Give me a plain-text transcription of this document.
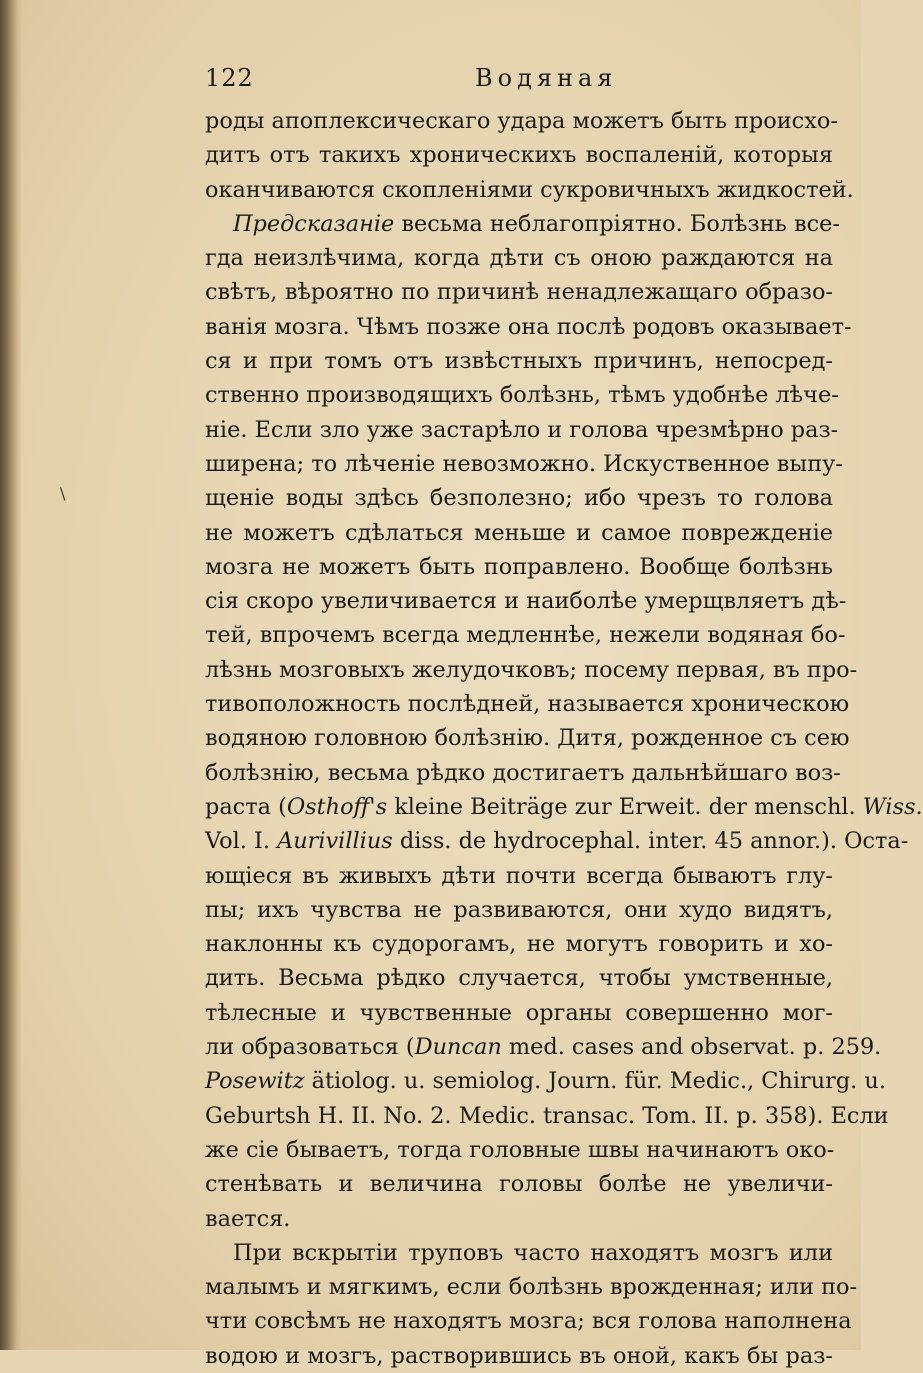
122	Водяная
роды апоплексическаго удара можетъ быть происхо-
дитъ отъ такихъ хроническихъ воспаленій, которыя
оканчиваются скопленіями сукровичныхъ жидкостей.
Предсказаніе весьма неблагопріятно. Болѣзнь все-
гда неизлѣчима, когда дѣти съ оною раждаются на
свѣтъ, вѣроятно по причинѣ ненадлежащаго образо-
ванія мозга. Чѣмъ позже она послѣ родовъ оказывает-
ся и при томъ отъ извѣстныхъ причинъ, непосред-
ственно производящихъ болѣзнь, тѣмъ удобнѣе лѣче-
ніе. Если зло уже застарѣло и голова чрезмѣрно раз-
ширена; то лѣченіе невозможно. Искуственное выпу-
щеніе воды здѣсь безполезно; ибо чрезъ то голова
не можетъ сдѣлаться меньше и самое поврежденіе
мозга не можетъ быть поправлено. Вообще болѣзнь
сія скоро увеличивается и наиболѣе умерщвляетъ дѣ-
тей, впрочемъ всегда медленнѣе, нежели водяная бо-
лѣзнь мозговыхъ желудочковъ; посему первая, въ про-
тивоположность послѣдней, называется хроническою
водяною головною болѣзнію. Дитя, рожденное съ сею
болѣзнію, весьма рѣдко достигаетъ дальнѣйшаго воз-
раста (Osthoff's kleine Beiträge zur Erweit. der menschl. Wiss.
Vol. I. Aurivillius diss. de hydrocephal. inter. 45 annor.). Оста-
ющіеся въ живыхъ дѣти почти всегда бываютъ глу-
пы; ихъ чувства не развиваются, они худо видятъ,
наклонны къ судорогамъ, не могутъ говорить и хо-
дить. Весьма рѣдко случается, чтобы умственные,
тѣлесные и чувственные органы совершенно мог-
ли образоваться (Duncan med. cases and observat. p. 259.
Posewitz ätiolog. u. semiolog. Journ. für. Medic., Chirurg. u.
Geburtsh H. II. No. 2. Medic. transac. Tom. II. p. 358). Если
же сіе бываетъ, тогда головные швы начинаютъ око-
стенѣвать и величина головы болѣе не увеличи-
вается.
При вскрытіи труповъ часто находятъ мозгъ или
малымъ и мягкимъ, если болѣзнь врожденная; или по-
чти совсѣмъ не находятъ мозга; вся голова наполнена
водою и мозгъ, растворившись въ оной, какъ бы раз-
\
